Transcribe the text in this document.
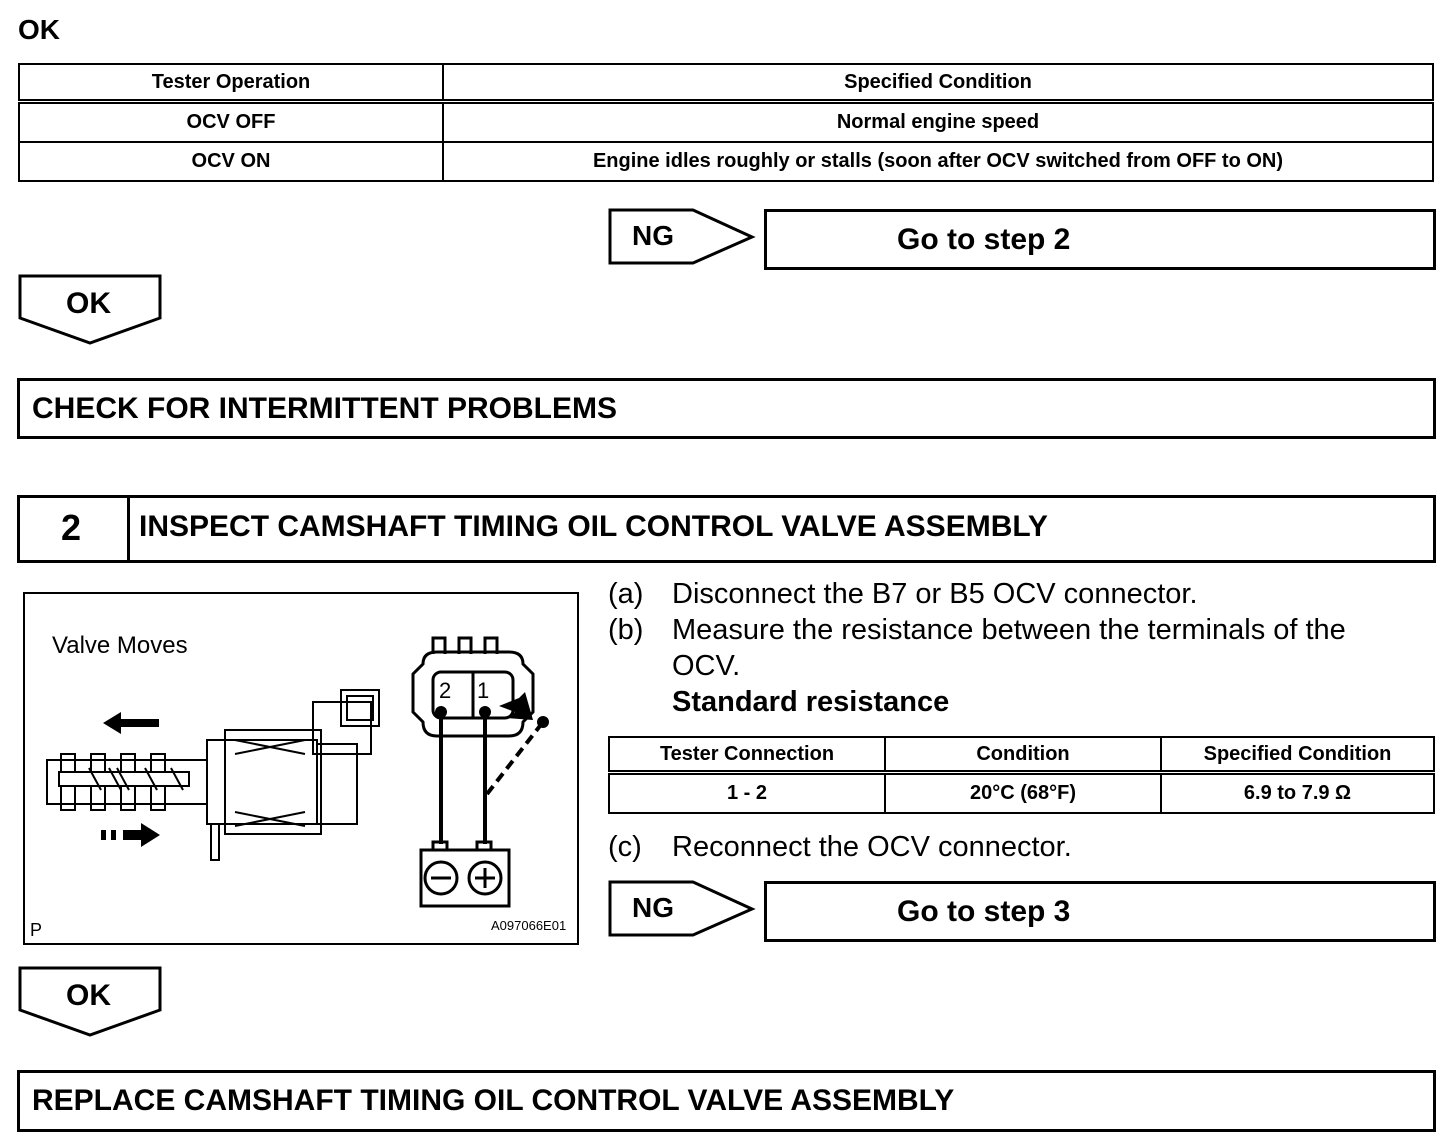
OK
Tester Operation	Specified Condition
OCV OFF	Normal engine speed
OCV ON	Engine idles roughly or stalls (soon after OCV switched from OFF to ON)
NG	Go to step 2
OK
CHECK FOR INTERMITTENT PROBLEMS
2 INSPECT CAMSHAFT TIMING OIL CONTROL VALVE ASSEMBLY
2 1
Valve Moves
P	A097066E01
(a) Disconnect the B7 or B5 OCV connector.
(b) Measure the resistance between the terminals of the
OCV.
Standard resistance
Tester Connection	Condition	Specified Condition
1 - 2	20°C (68°F)	6.9 to 7.9 Ω
(c) Reconnect the OCV connector.
NG	Go to step 3
OK
REPLACE CAMSHAFT TIMING OIL CONTROL VALVE ASSEMBLY
